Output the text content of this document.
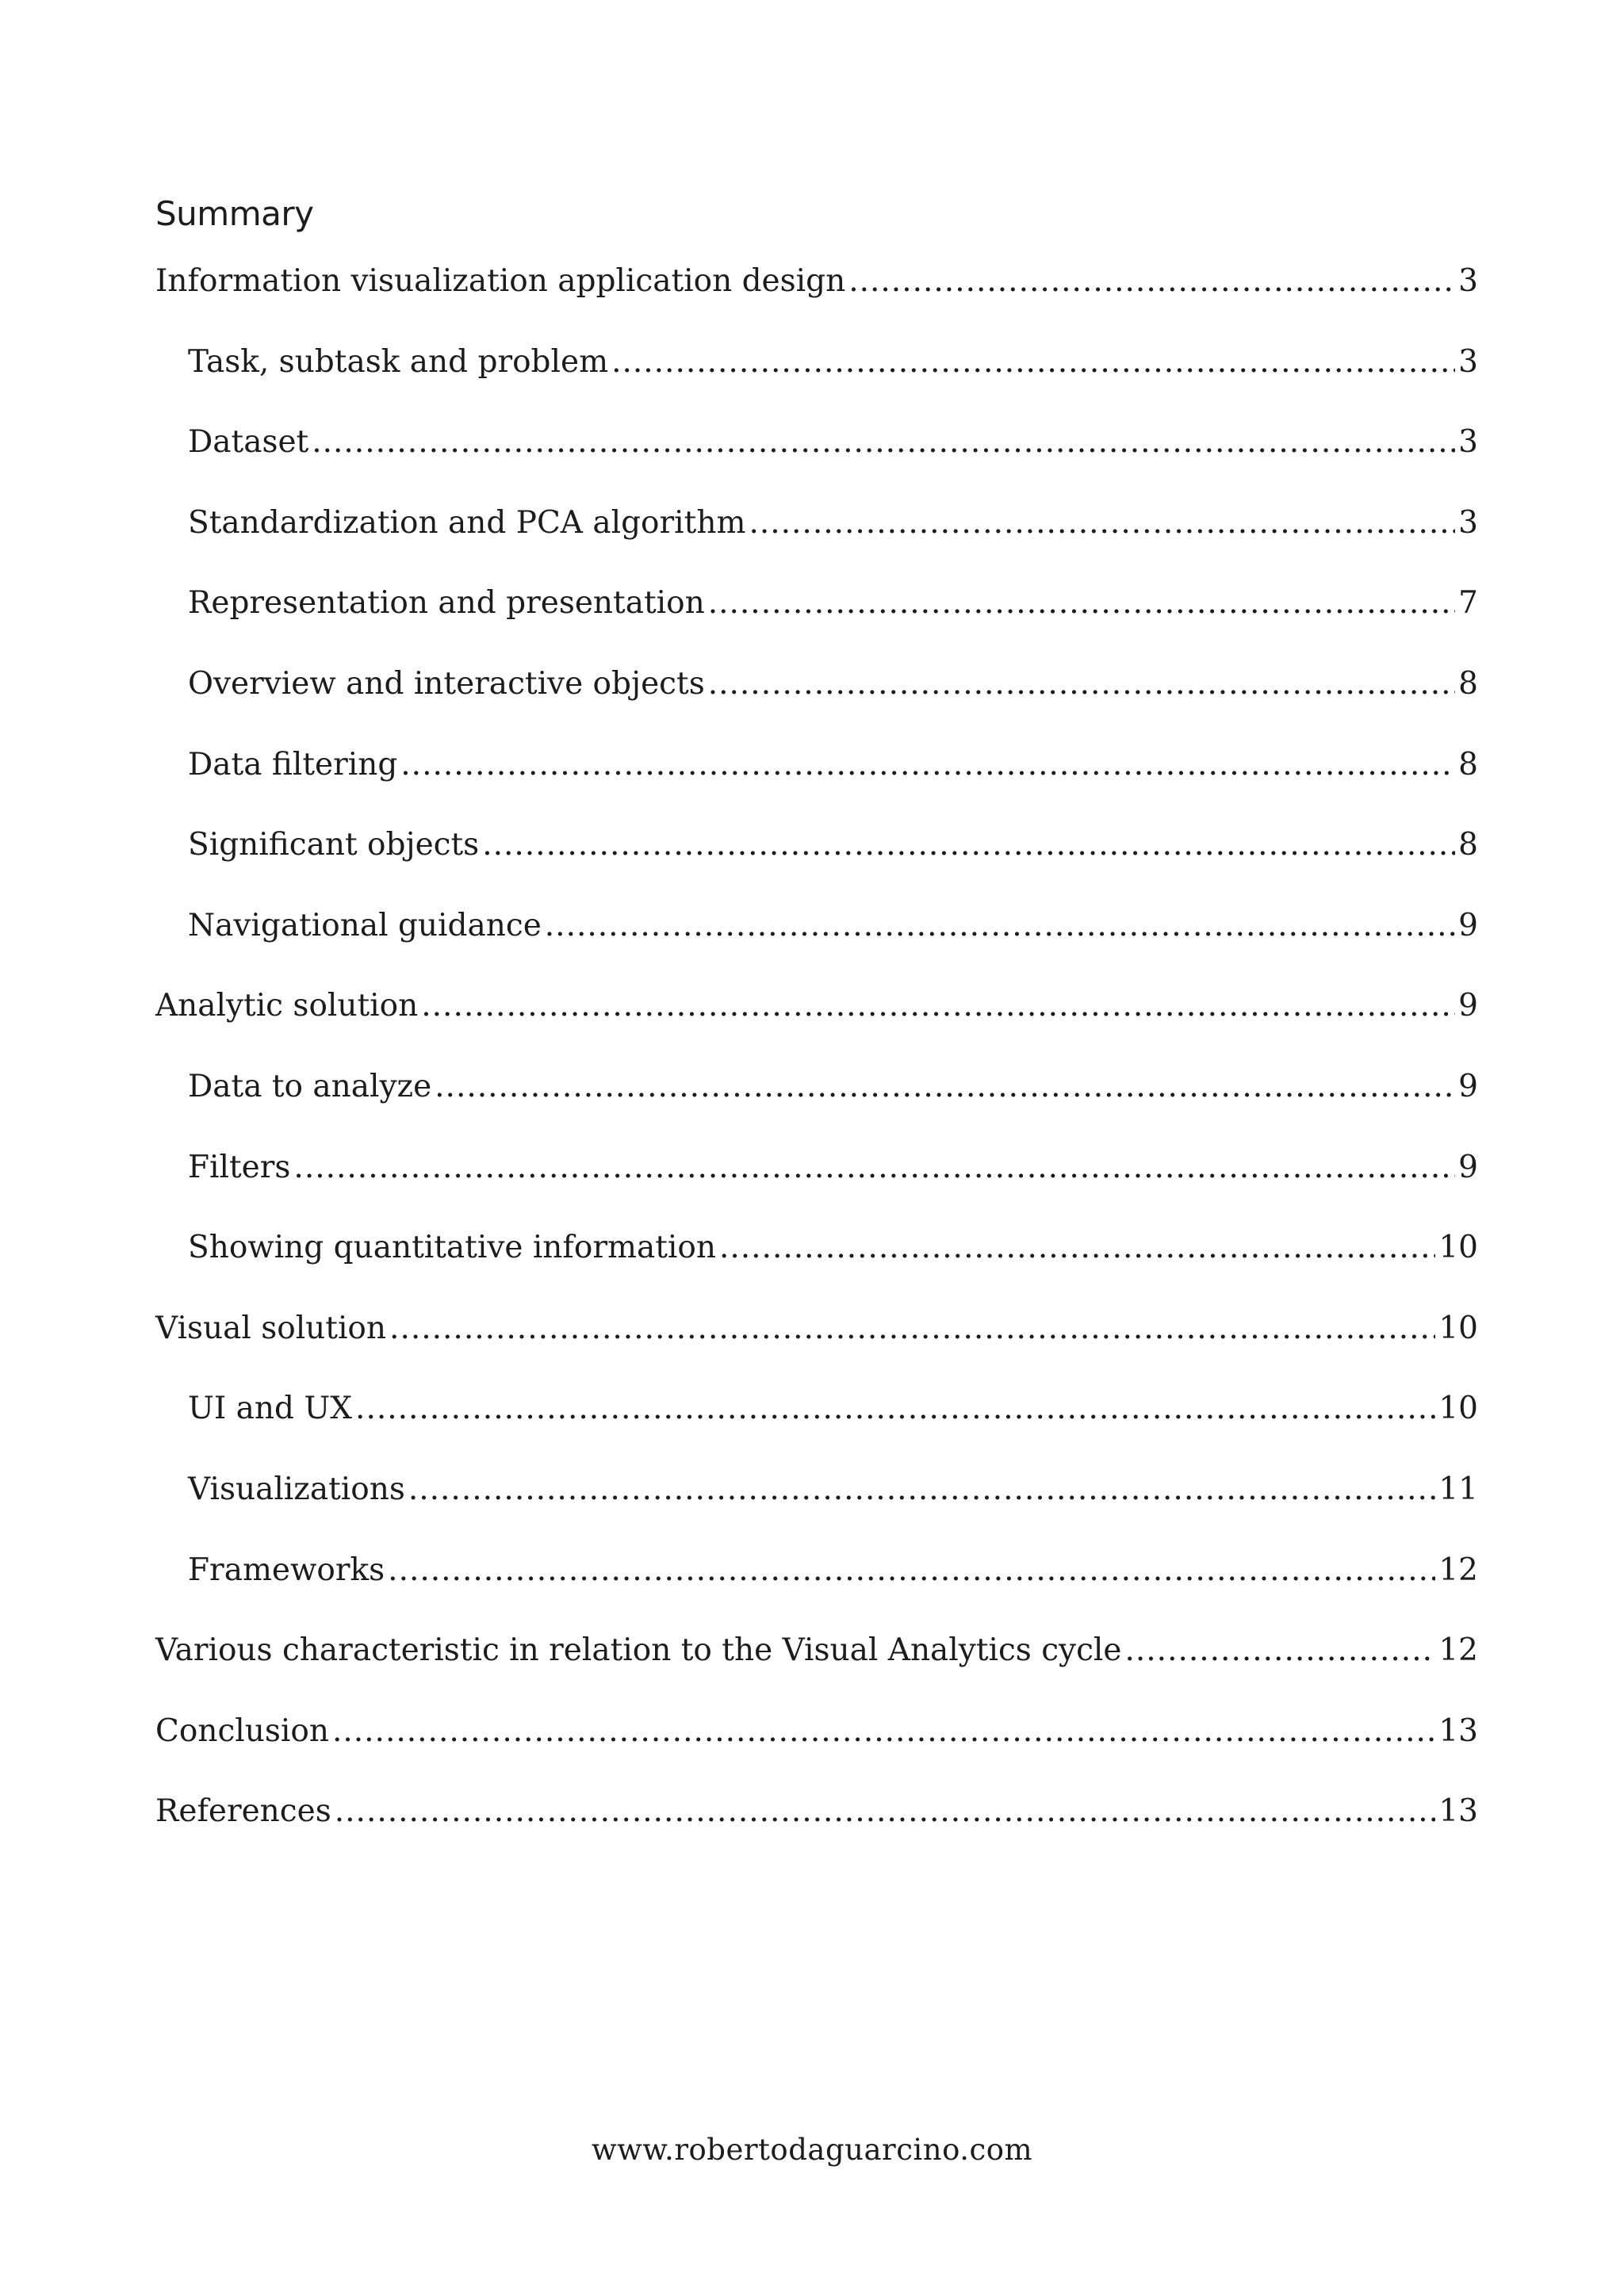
Summary
Information visualization application design .....	3
Task, subtask and problem .....	3
Dataset .....	3
Standardization and PCA algorithm .....	3
Representation and presentation .....	7
Overview and interactive objects .....	8
Data filtering .....	8
Significant objects .....	8
Navigational guidance .....	9
Analytic solution .....	9
Data to analyze .....	9
Filters .....	9
Showing quantitative information .....	10
Visual solution .....	10
UI and UX .....	10
Visualizations .....	11
Frameworks .....	12
Various characteristic in relation to the Visual Analytics cycle .....	12
Conclusion .....	13
References .....	13
www.robertodaguarcino.com
